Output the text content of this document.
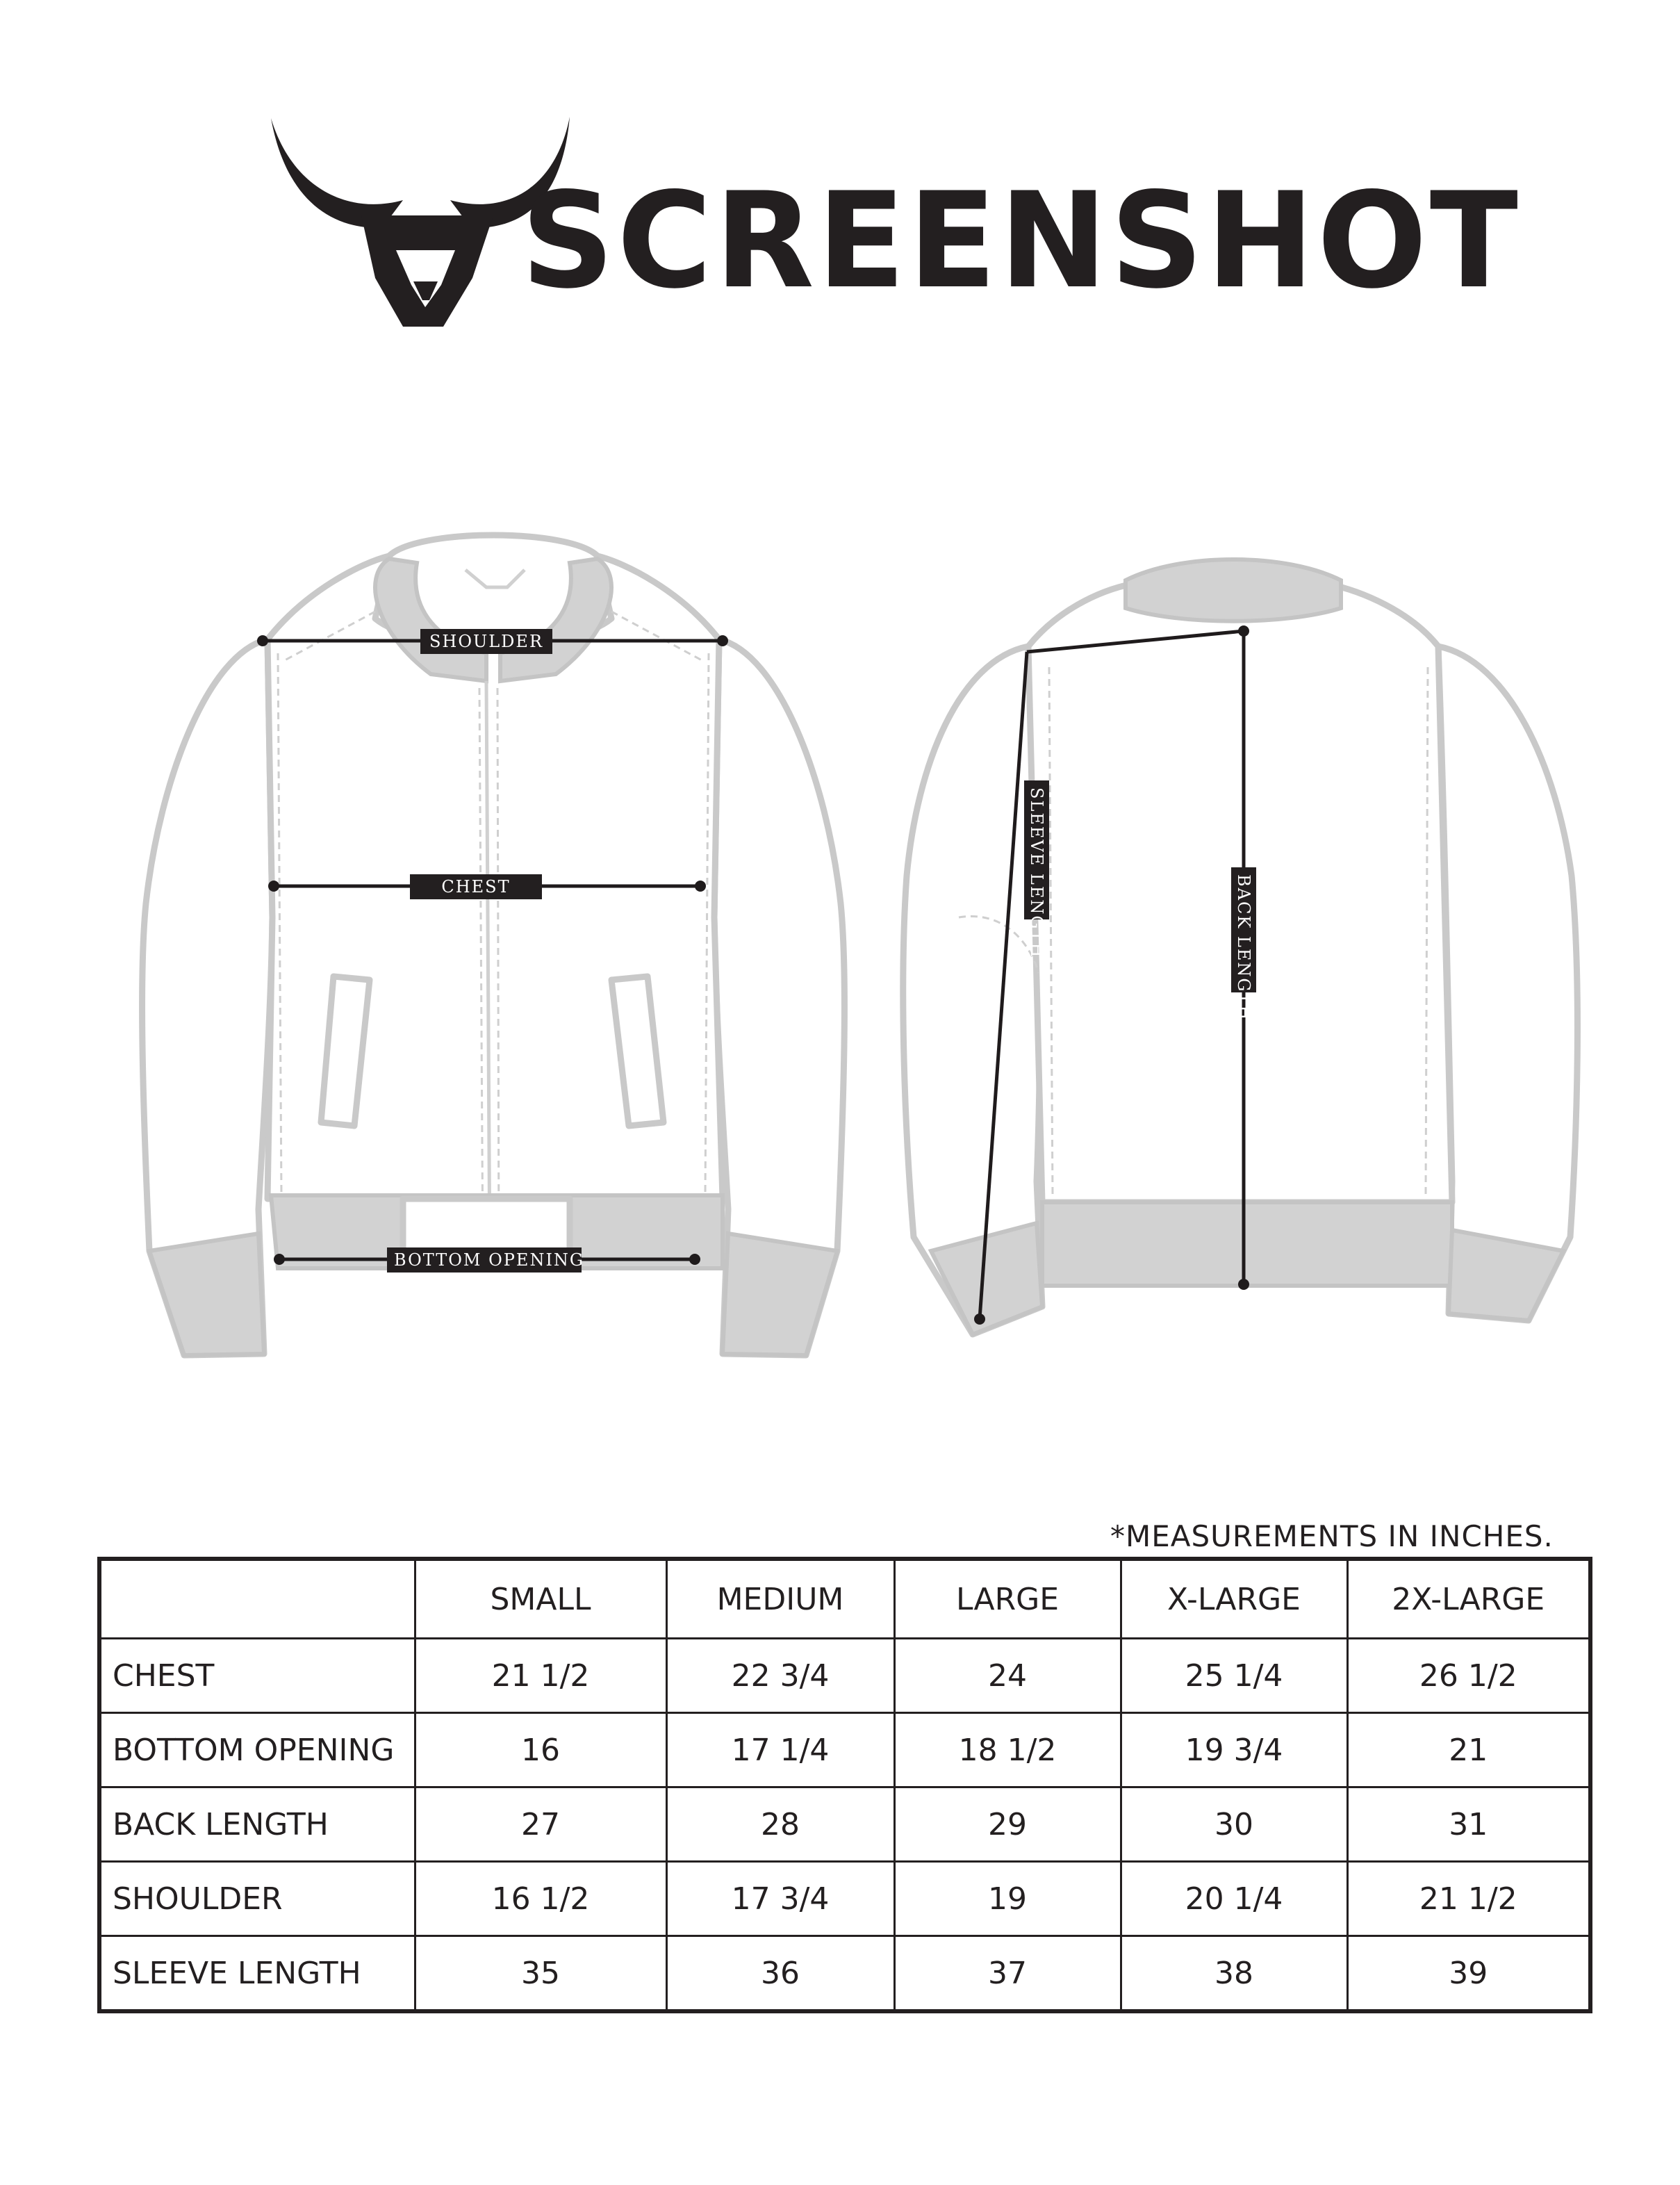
SCREENSHOT
SHOULDER
CHEST
BOTTOM OPENING
SLEEVE LENGTH	BACK LENGTH
*MEASUREMENTS IN INCHES.
	SMALL	MEDIUM	LARGE	X-LARGE	2X-LARGE
CHEST	21 1/2	22 3/4	24	25 1/4	26 1/2
BOTTOM OPENING	16	17 1/4	18 1/2	19 3/4	21
BACK LENGTH	27	28	29	30	31
SHOULDER	16 1/2	17 3/4	19	20 1/4	21 1/2
SLEEVE LENGTH	35	36	37	38	39
